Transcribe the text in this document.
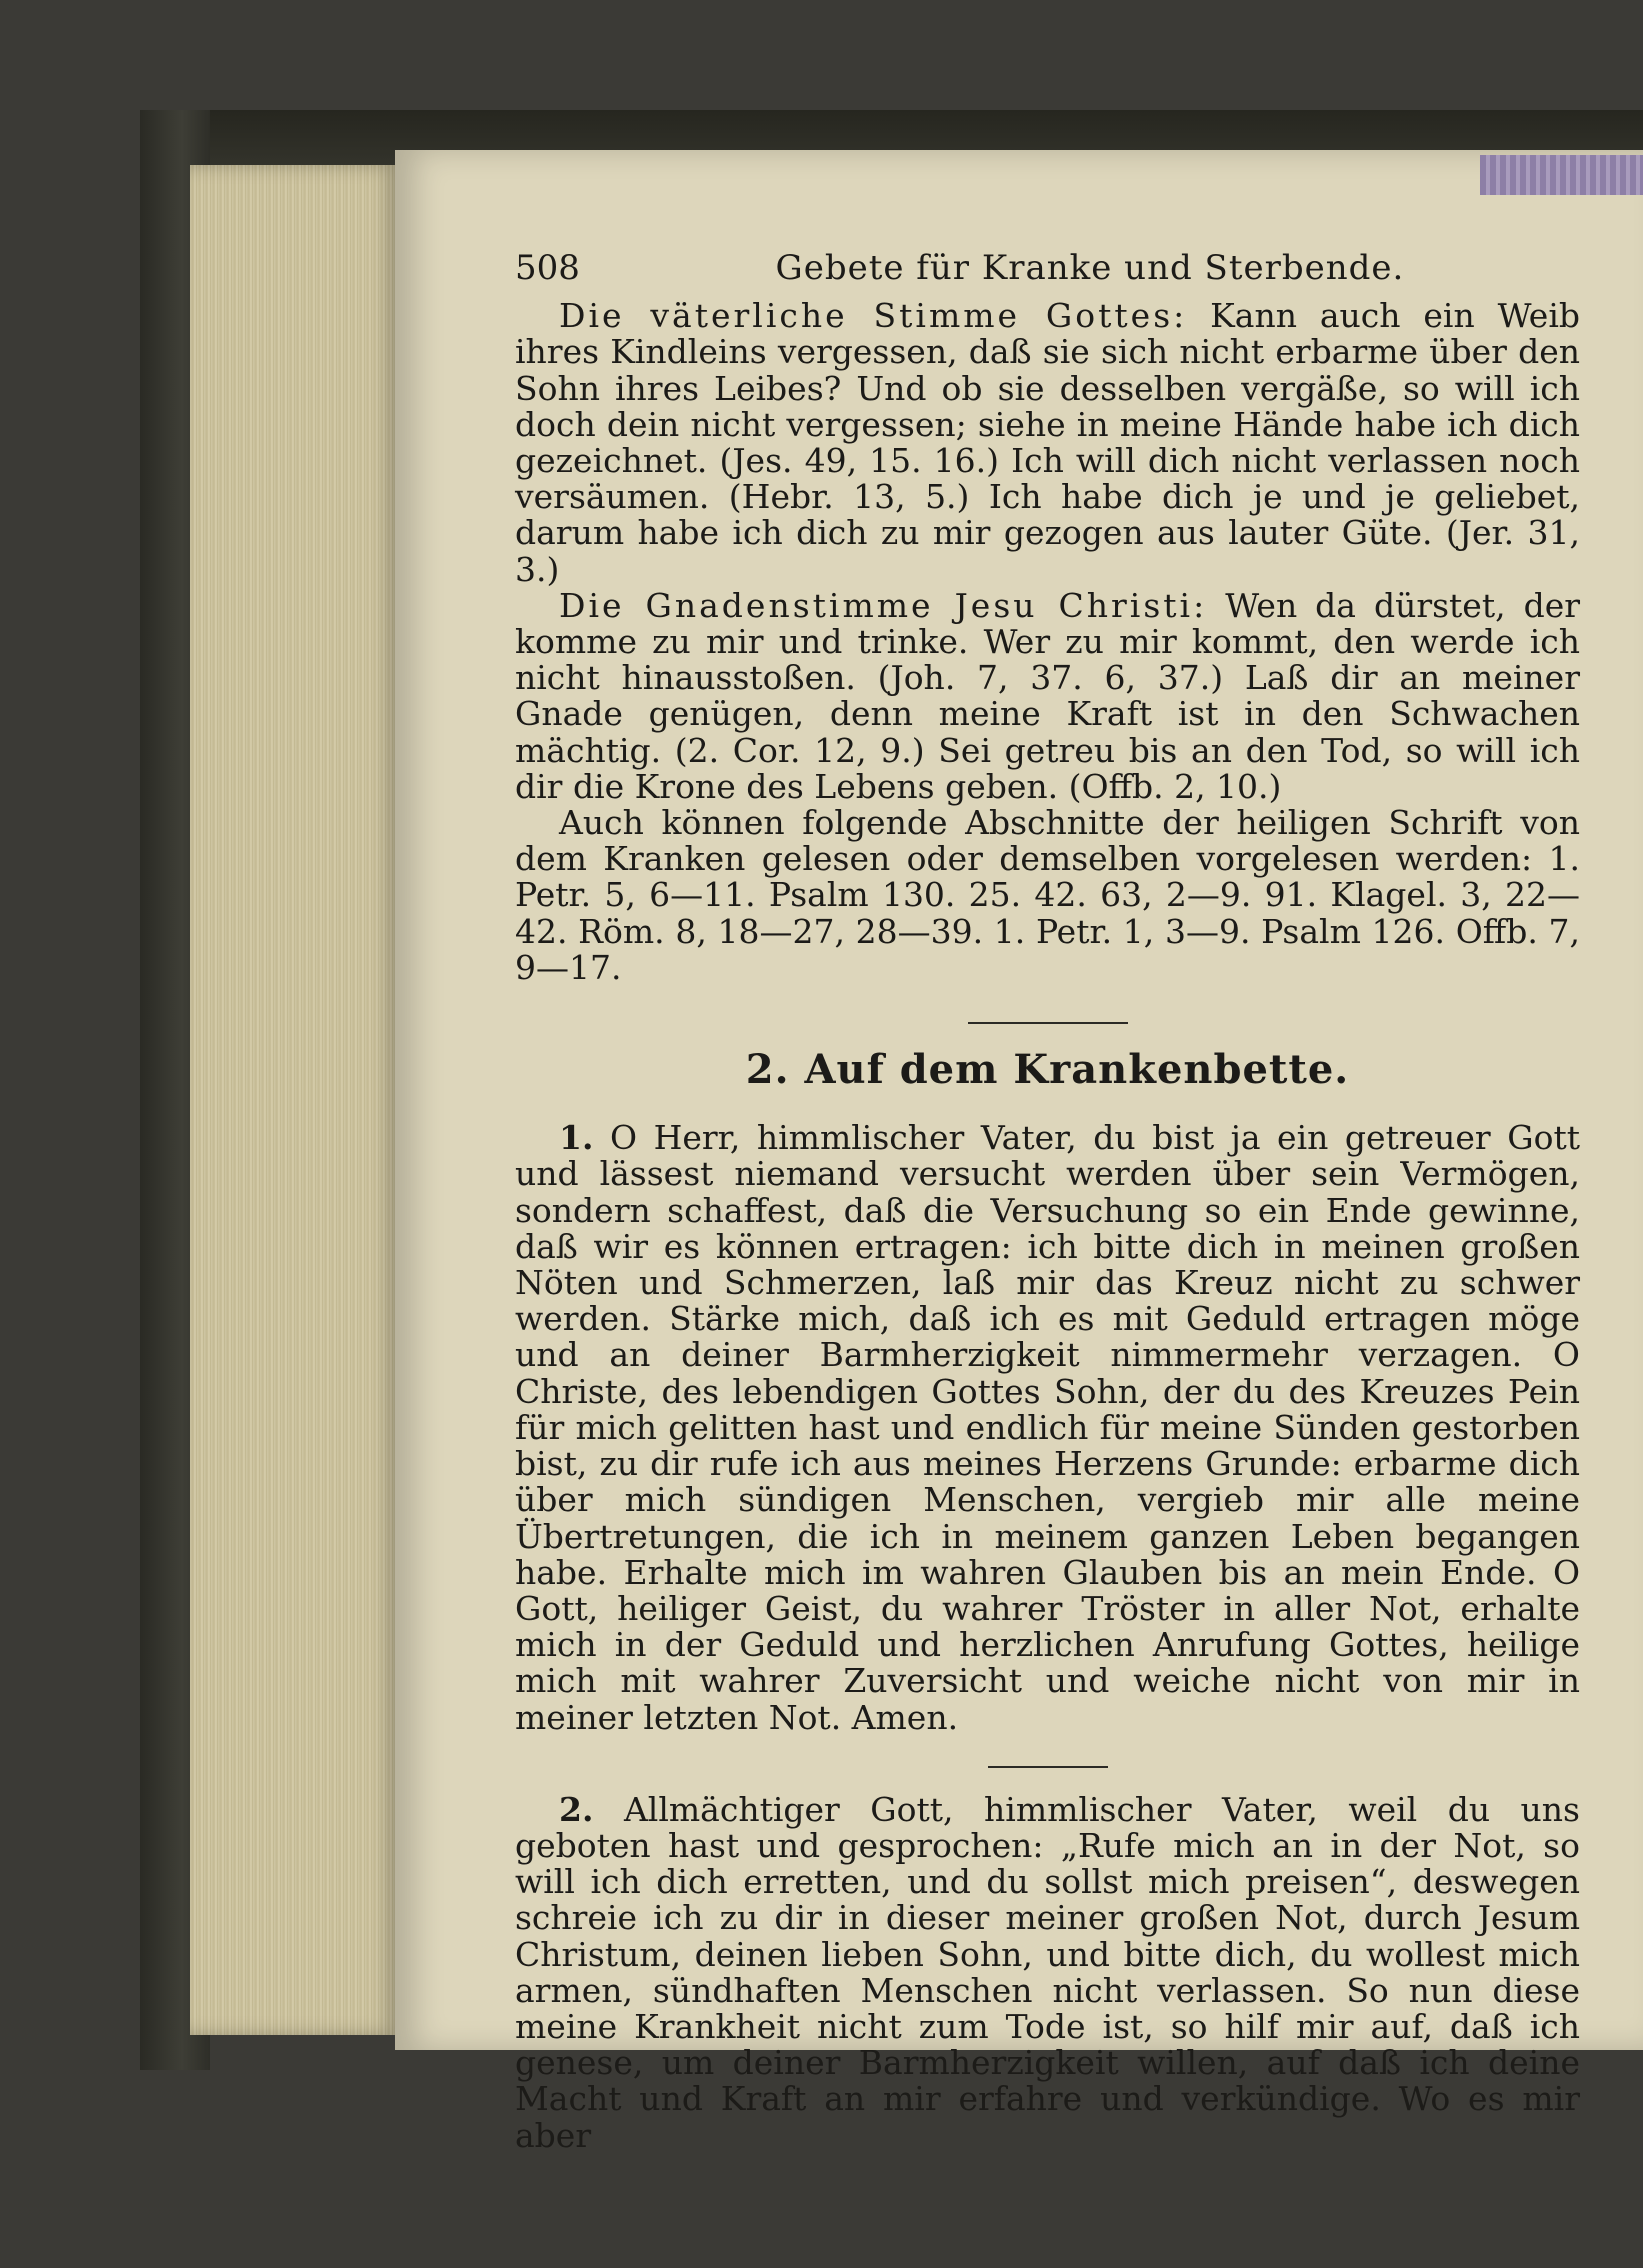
508	Gebete für Kranke und Sterbende.

Die väterliche Stimme Gottes: Kann auch ein Weib ihres Kindleins vergessen, daß sie sich nicht erbarme über den Sohn ihres Leibes? Und ob sie desselben vergäße, so will ich doch dein nicht vergessen; siehe in meine Hände habe ich dich gezeichnet. (Jes. 49, 15. 16.) Ich will dich nicht verlassen noch versäumen. (Hebr. 13, 5.) Ich habe dich je und je geliebet, darum habe ich dich zu mir gezogen aus lauter Güte. (Jer. 31, 3.)

Die Gnadenstimme Jesu Christi: Wen da dürstet, der komme zu mir und trinke. Wer zu mir kommt, den werde ich nicht hinausstoßen. (Joh. 7, 37. 6, 37.) Laß dir an meiner Gnade genügen, denn meine Kraft ist in den Schwachen mächtig. (2. Cor. 12, 9.) Sei getreu bis an den Tod, so will ich dir die Krone des Lebens geben. (Offb. 2, 10.)

Auch können folgende Abschnitte der heiligen Schrift von dem Kranken gelesen oder demselben vorgelesen werden: 1. Petr. 5, 6—11. Psalm 130. 25. 42. 63, 2—9. 91. Klagel. 3, 22—42. Röm. 8, 18—27, 28—39. 1. Petr. 1, 3—9. Psalm 126. Offb. 7, 9—17.

2. Auf dem Krankenbette.

1. O Herr, himmlischer Vater, du bist ja ein getreuer Gott und lässest niemand versucht werden über sein Vermögen, sondern schaffest, daß die Versuchung so ein Ende gewinne, daß wir es können ertragen: ich bitte dich in meinen großen Nöten und Schmerzen, laß mir das Kreuz nicht zu schwer werden. Stärke mich, daß ich es mit Geduld ertragen möge und an deiner Barmherzigkeit nimmermehr verzagen. O Christe, des lebendigen Gottes Sohn, der du des Kreuzes Pein für mich gelitten hast und endlich für meine Sünden gestorben bist, zu dir rufe ich aus meines Herzens Grunde: erbarme dich über mich sündigen Menschen, vergieb mir alle meine Übertretungen, die ich in meinem ganzen Leben begangen habe. Erhalte mich im wahren Glauben bis an mein Ende. O Gott, heiliger Geist, du wahrer Tröster in aller Not, erhalte mich in der Geduld und herzlichen Anrufung Gottes, heilige mich mit wahrer Zuversicht und weiche nicht von mir in meiner letzten Not. Amen.

2. Allmächtiger Gott, himmlischer Vater, weil du uns geboten hast und gesprochen: „Rufe mich an in der Not, so will ich dich erretten, und du sollst mich preisen“, deswegen schreie ich zu dir in dieser meiner großen Not, durch Jesum Christum, deinen lieben Sohn, und bitte dich, du wollest mich armen, sündhaften Menschen nicht verlassen. So nun diese meine Krankheit nicht zum Tode ist, so hilf mir auf, daß ich genese, um deiner Barmherzigkeit willen, auf daß ich deine Macht und Kraft an mir erfahre und verkündige. Wo es mir aber
